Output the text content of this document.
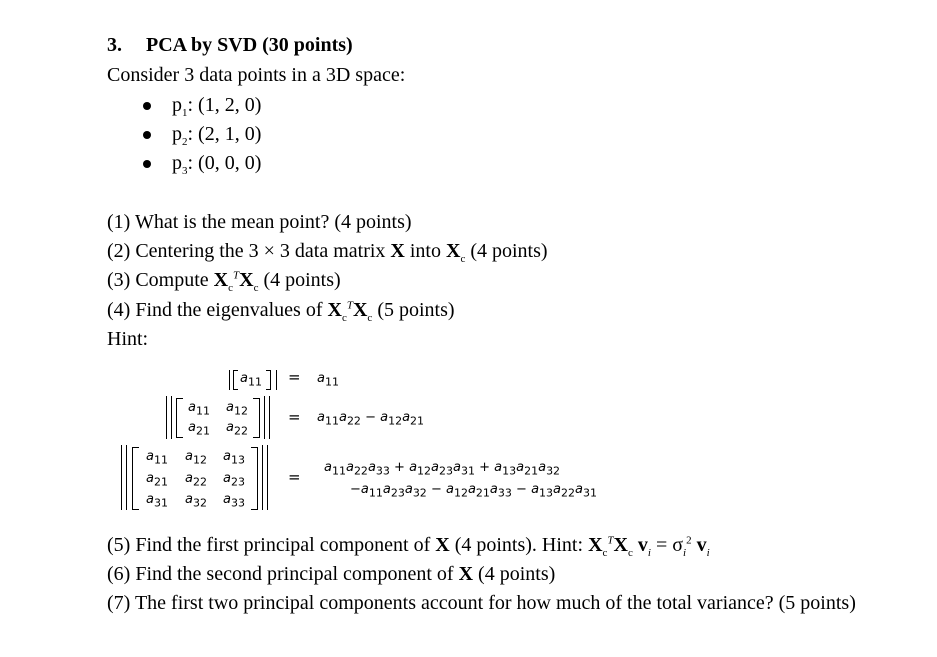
3. PCA by SVD (30 points)
Consider 3 data points in a 3D space:
$p_1$: (1, 2, 0)
$p_2$: (2, 1, 0)
$p_3$: (0, 0, 0)
(1) What is the mean point? (4 points)
(2) Centering the 3 × 3 data matrix X into $X_c$ (4 points)
(3) Compute $X_c^TX_c$ (4 points)
(4) Find the eigenvalues of $X_c^TX_c$ (5 points)
Hint:
$a_{11} = a_{11}$
$a_{11}$ $a_{12}$
$a_{21}$ $a_{22}$
= $a_{11}a_{22} - a_{12}a_{21}$
$a_{11}$ $a_{12}$ $a_{13}$
$a_{21}$ $a_{22}$ $a_{23}$
$a_{31}$ $a_{32}$ $a_{33}$
=
$a_{11}a_{22}a_{33} + a_{12}a_{23}a_{31} + a_{13}a_{21}a_{32}$
$-a_{11}a_{23}a_{32} - a_{12}a_{21}a_{33} - a_{13}a_{22}a_{31}$
(5) Find the first principal component of X (4 points). Hint: $X_c^TX_c$ $v_i = \sigma_i^2$ $v_i$
(6) Find the second principal component of X (4 points)
(7) The first two principal components account for how much of the total variance? (5 points)
